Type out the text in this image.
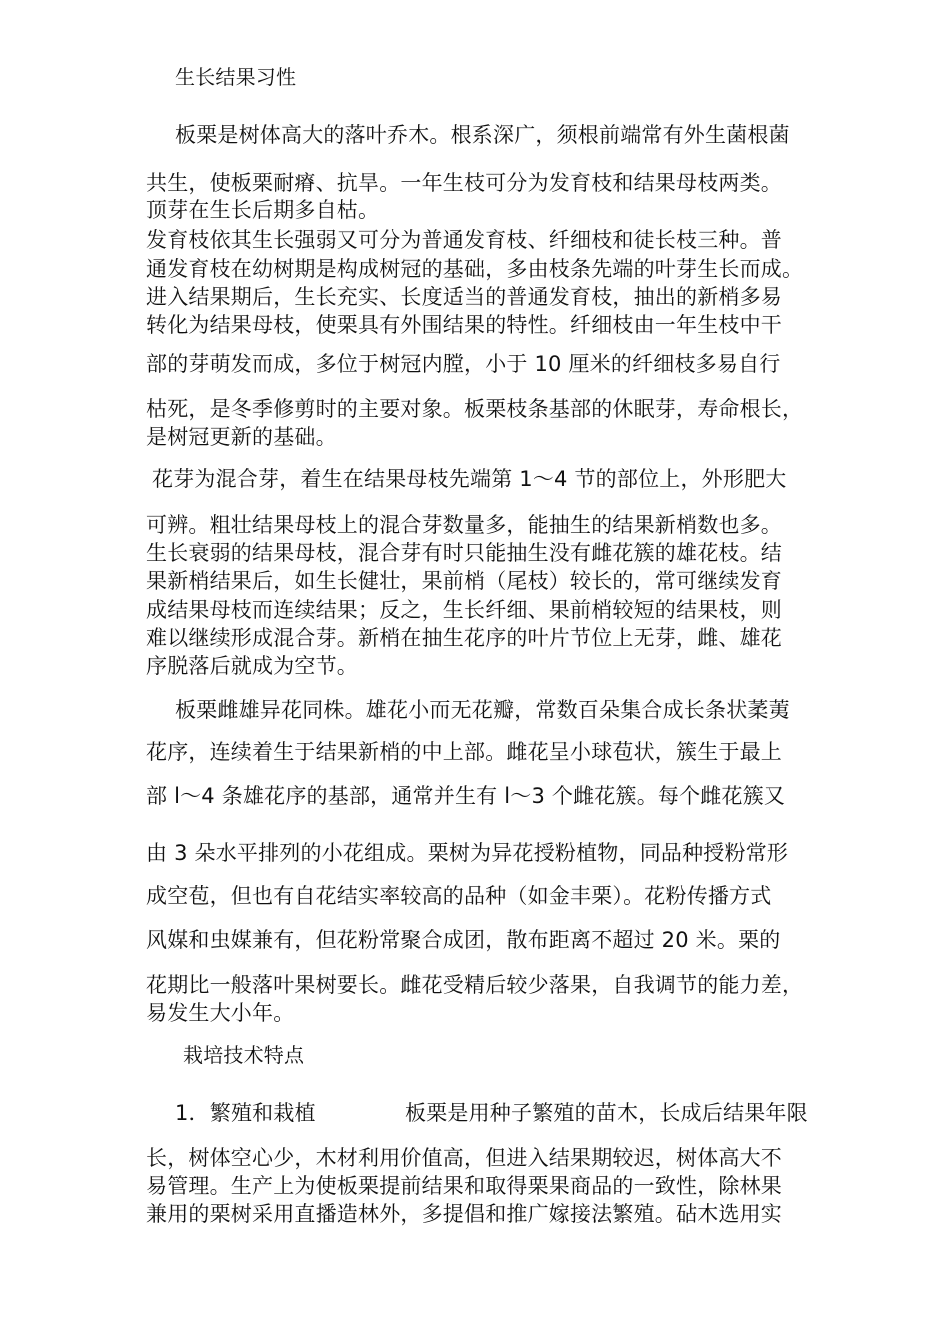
生长结果习性
板栗是树体高大的落叶乔木。根系深广，须根前端常有外生菌根菌
共生，使板栗耐瘠、抗旱。一年生枝可分为发育枝和结果母枝两类。
顶芽在生长后期多自枯。
发育枝依其生长强弱又可分为普通发育枝、纤细枝和徒长枝三种。普
通发育枝在幼树期是构成树冠的基础，多由枝条先端的叶芽生长而成。
进入结果期后，生长充实、长度适当的普通发育枝，抽出的新梢多易
转化为结果母枝，使栗具有外围结果的特性。纤细枝由一年生枝中干
部的芽萌发而成，多位于树冠内膛，小于 10 厘米的纤细枝多易自行
枯死，是冬季修剪时的主要对象。板栗枝条基部的休眠芽，寿命根长，
是树冠更新的基础。
花芽为混合芽，着生在结果母枝先端第 1～4 节的部位上，外形肥大
可辨。粗壮结果母枝上的混合芽数量多，能抽生的结果新梢数也多。
生长衰弱的结果母枝，混合芽有时只能抽生没有雌花簇的雄花枝。结
果新梢结果后，如生长健壮，果前梢（尾枝）较长的，常可继续发育
成结果母枝而连续结果；反之，生长纤细、果前梢较短的结果枝，则
难以继续形成混合芽。新梢在抽生花序的叶片节位上无芽，雌、雄花
序脱落后就成为空节。
板栗雌雄异花同株。雄花小而无花瓣，常数百朵集合成长条状葇荑
花序，连续着生于结果新梢的中上部。雌花呈小球苞状，簇生于最上
部 l～4 条雄花序的基部，通常并生有 l～3 个雌花簇。每个雌花簇又
由 3 朵水平排列的小花组成。栗树为异花授粉植物，同品种授粉常形
成空苞，但也有自花结实率较高的品种（如金丰栗）。花粉传播方式
风媒和虫媒兼有，但花粉常聚合成团，散布距离不超过 20 米。栗的
花期比一般落叶果树要长。雌花受精后较少落果，自我调节的能力差，
易发生大小年。
栽培技术特点
1．繁殖和栽植	板栗是用种子繁殖的苗木，长成后结果年限
长，树体空心少，木材利用价值高，但进入结果期较迟，树体高大不
易管理。生产上为使板栗提前结果和取得栗果商品的一致性，除林果
兼用的栗树采用直播造林外，多提倡和推广嫁接法繁殖。砧木选用实
